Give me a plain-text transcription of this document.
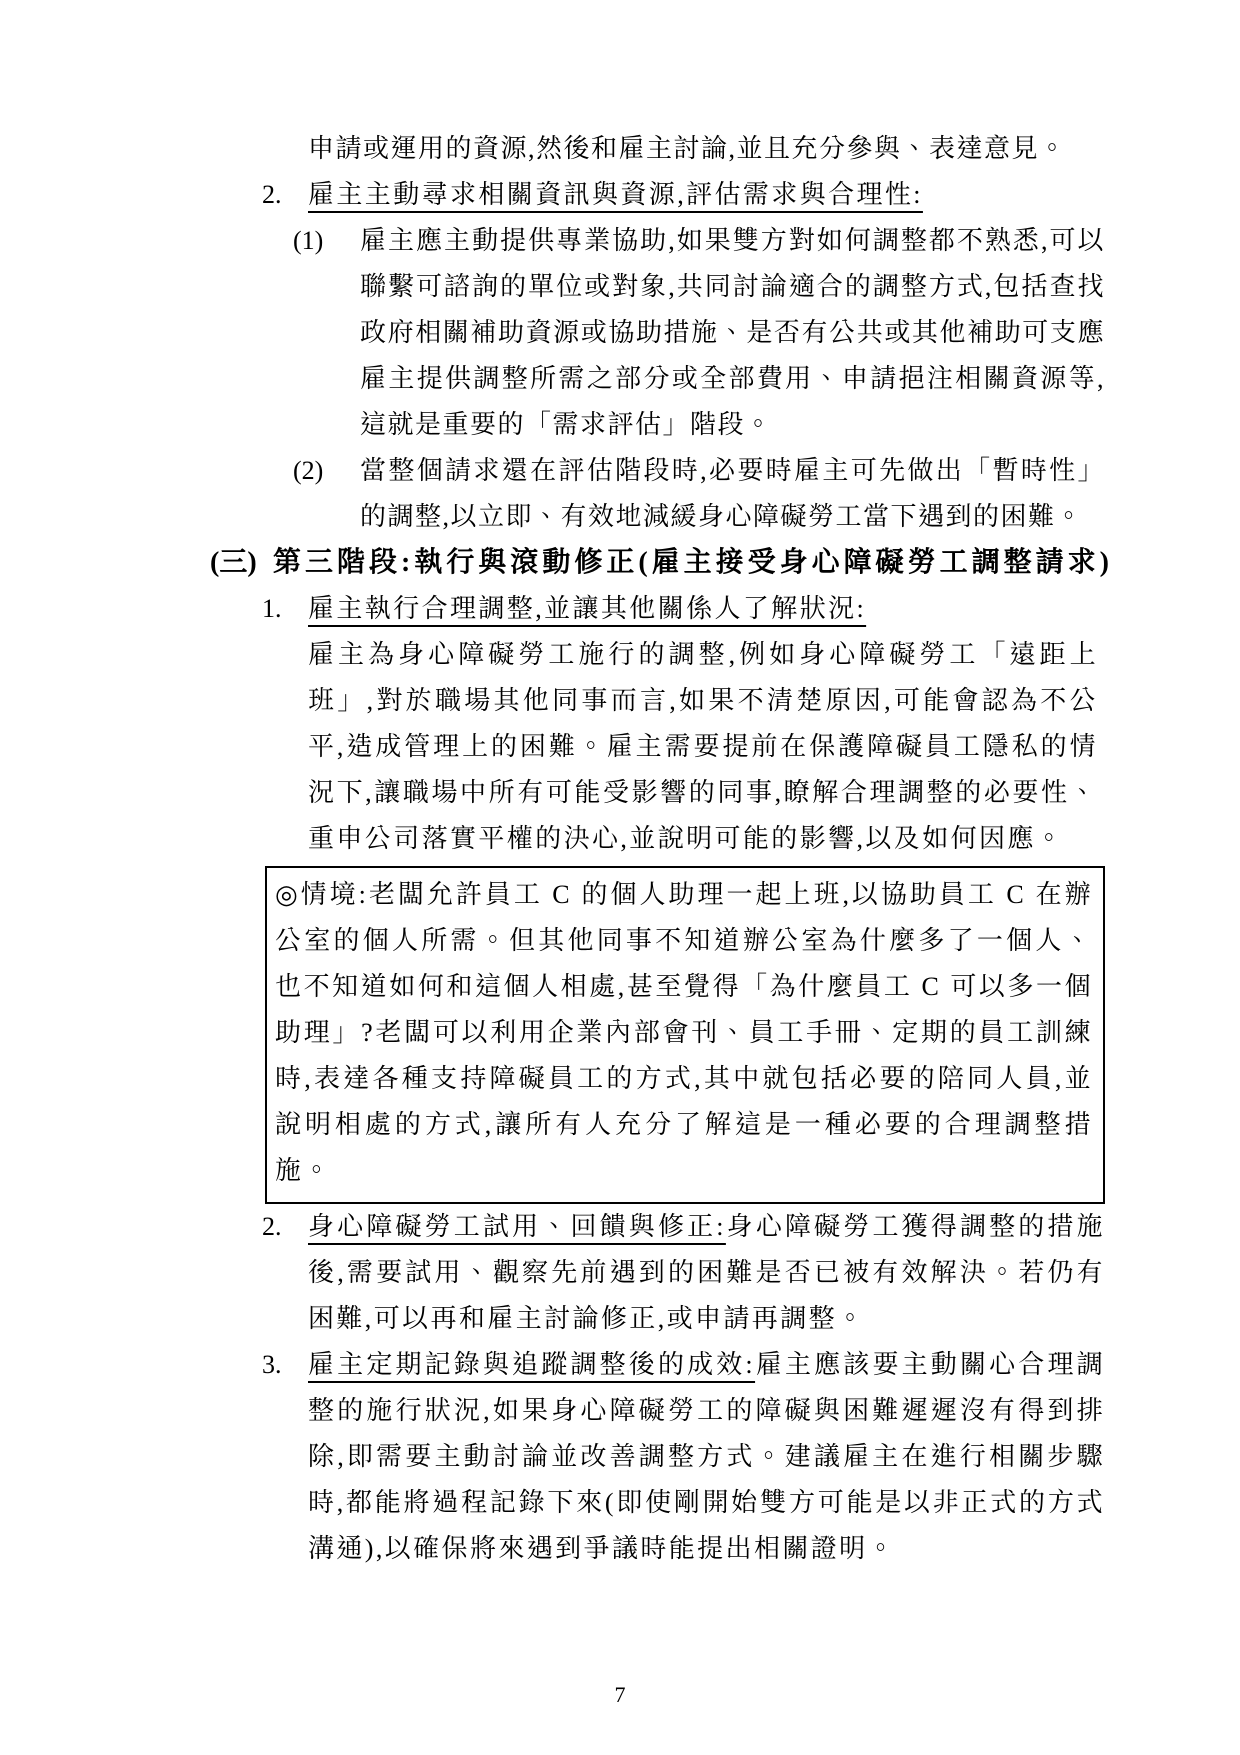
申請或運用的資源,然後和雇主討論,並且充分參與、表達意見。
2. 雇主主動尋求相關資訊與資源,評估需求與合理性:
(1)	雇主應主動提供專業協助,如果雙方對如何調整都不熟悉,可以聯繫可諮詢的單位或對象,共同討論適合的調整方式,包括查找政府相關補助資源或協助措施、是否有公共或其他補助可支應雇主提供調整所需之部分或全部費用、申請挹注相關資源等,這就是重要的「需求評估」階段。
(2)	當整個請求還在評估階段時,必要時雇主可先做出「暫時性」的調整,以立即、有效地減緩身心障礙勞工當下遇到的困難。
(三) 第三階段:執行與滾動修正(雇主接受身心障礙勞工調整請求)
1. 雇主執行合理調整,並讓其他關係人了解狀況:
雇主為身心障礙勞工施行的調整,例如身心障礙勞工「遠距上班」,對於職場其他同事而言,如果不清楚原因,可能會認為不公平,造成管理上的困難。雇主需要提前在保護障礙員工隱私的情況下,讓職場中所有可能受影響的同事,瞭解合理調整的必要性、重申公司落實平權的決心,並說明可能的影響,以及如何因應。
◎情境:老闆允許員工 C 的個人助理一起上班,以協助員工 C 在辦公室的個人所需。但其他同事不知道辦公室為什麼多了一個人、也不知道如何和這個人相處,甚至覺得「為什麼員工 C 可以多一個助理」?老闆可以利用企業內部會刊、員工手冊、定期的員工訓練時,表達各種支持障礙員工的方式,其中就包括必要的陪同人員,並說明相處的方式,讓所有人充分了解這是一種必要的合理調整措施。
2. 身心障礙勞工試用、回饋與修正:身心障礙勞工獲得調整的措施後,需要試用、觀察先前遇到的困難是否已被有效解決。若仍有困難,可以再和雇主討論修正,或申請再調整。
3. 雇主定期記錄與追蹤調整後的成效:雇主應該要主動關心合理調整的施行狀況,如果身心障礙勞工的障礙與困難遲遲沒有得到排除,即需要主動討論並改善調整方式。建議雇主在進行相關步驟時,都能將過程記錄下來(即使剛開始雙方可能是以非正式的方式溝通),以確保將來遇到爭議時能提出相關證明。
7
